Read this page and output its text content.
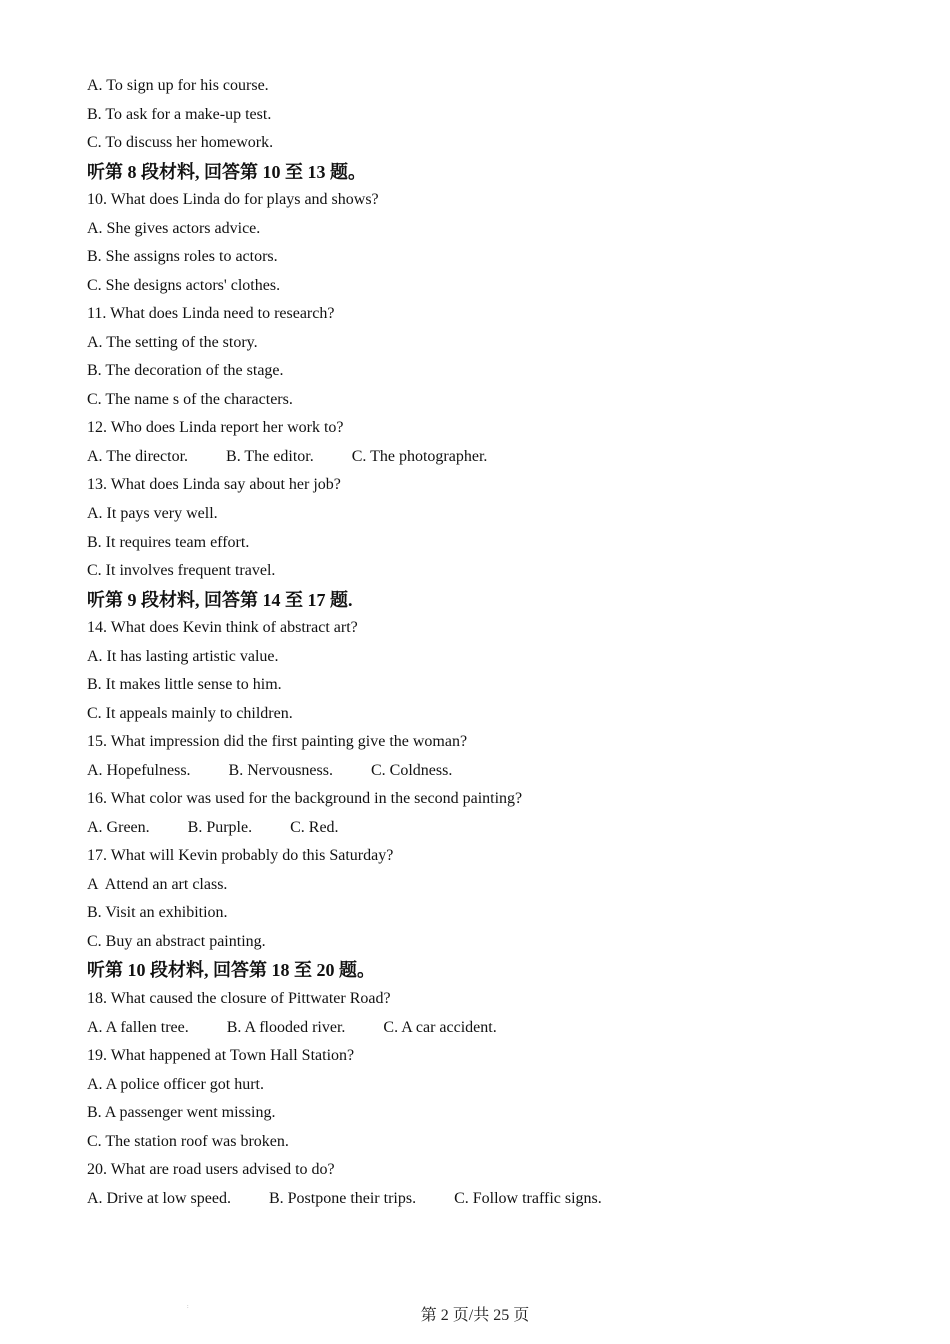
A. To sign up for his course.
B. To ask for a make-up test.
C. To discuss her homework.
听第 8 段材料, 回答第 10 至 13 题。
10. What does Linda do for plays and shows?
A. She gives actors advice.
B. She assigns roles to actors.
C. She designs actors' clothes.
11. What does Linda need to research?
A. The setting of the story.
B. The decoration of the stage.
C. The name s of the characters.
12. Who does Linda report her work to?
A. The director. B. The editor. C. The photographer.
13. What does Linda say about her job?
A. It pays very well.
B. It requires team effort.
C. It involves frequent travel.
听第 9 段材料, 回答第 14 至 17 题.
14. What does Kevin think of abstract art?
A. It has lasting artistic value.
B. It makes little sense to him.
C. It appeals mainly to children.
15. What impression did the first painting give the woman?
A. Hopefulness. B. Nervousness. C. Coldness.
16. What color was used for the background in the second painting?
A. Green. B. Purple. C. Red.
17. What will Kevin probably do this Saturday?
A  Attend an art class.
B. Visit an exhibition.
C. Buy an abstract painting.
听第 10 段材料, 回答第 18 至 20 题。
18. What caused the closure of Pittwater Road?
A. A fallen tree. B. A flooded river. C. A car accident.
19. What happened at Town Hall Station?
A. A police officer got hurt.
B. A passenger went missing.
C. The station roof was broken.
20. What are road users advised to do?
A. Drive at low speed. B. Postpone their trips. C. Follow traffic signs.
:	第 2 页/共 25 页
